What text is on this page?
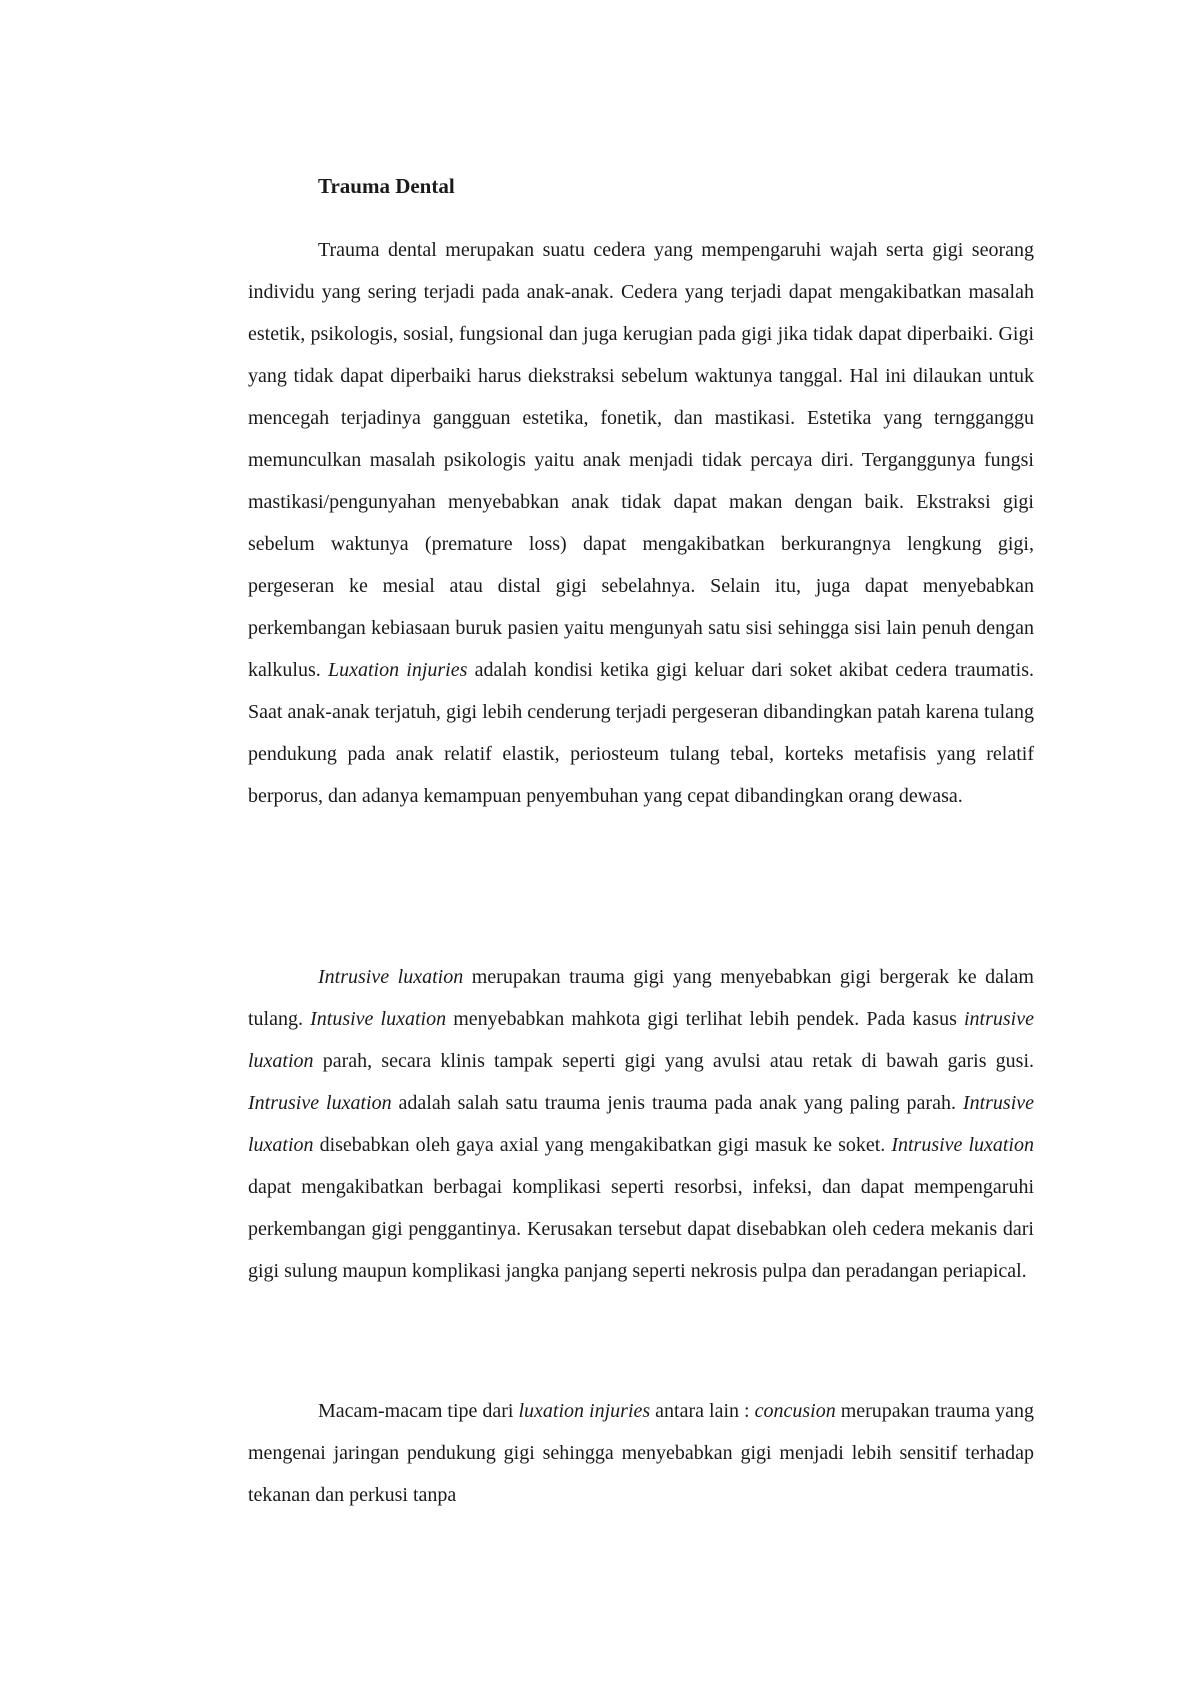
Trauma Dental

Trauma dental merupakan suatu cedera yang mempengaruhi wajah serta gigi seorang individu yang sering terjadi pada anak-anak. Cedera yang terjadi dapat mengakibatkan masalah estetik, psikologis, sosial, fungsional dan juga kerugian pada gigi jika tidak dapat diperbaiki. Gigi yang tidak dapat diperbaiki harus diekstraksi sebelum waktunya tanggal. Hal ini dilaukan untuk mencegah terjadinya gangguan estetika, fonetik, dan mastikasi. Estetika yang terngganggu memunculkan masalah psikologis yaitu anak menjadi tidak percaya diri. Terganggunya fungsi mastikasi/pengunyahan menyebabkan anak tidak dapat makan dengan baik. Ekstraksi gigi sebelum waktunya (premature loss) dapat mengakibatkan berkurangnya lengkung gigi, pergeseran ke mesial atau distal gigi sebelahnya. Selain itu, juga dapat menyebabkan perkembangan kebiasaan buruk pasien yaitu mengunyah satu sisi sehingga sisi lain penuh dengan kalkulus. Luxation injuries adalah kondisi ketika gigi keluar dari soket akibat cedera traumatis. Saat anak-anak terjatuh, gigi lebih cenderung terjadi pergeseran dibandingkan patah karena tulang pendukung pada anak relatif elastik, periosteum tulang tebal, korteks metafisis yang relatif berporus, dan adanya kemampuan penyembuhan yang cepat dibandingkan orang dewasa.

Intrusive luxation merupakan trauma gigi yang menyebabkan gigi bergerak ke dalam tulang. Intusive luxation menyebabkan mahkota gigi terlihat lebih pendek. Pada kasus intrusive luxation parah, secara klinis tampak seperti gigi yang avulsi atau retak di bawah garis gusi. Intrusive luxation adalah salah satu trauma jenis trauma pada anak yang paling parah. Intrusive luxation disebabkan oleh gaya axial yang mengakibatkan gigi masuk ke soket. Intrusive luxation dapat mengakibatkan berbagai komplikasi seperti resorbsi, infeksi, dan dapat mempengaruhi perkembangan gigi penggantinya. Kerusakan tersebut dapat disebabkan oleh cedera mekanis dari gigi sulung maupun komplikasi jangka panjang seperti nekrosis pulpa dan peradangan periapical.

Macam-macam tipe dari luxation injuries antara lain : concusion merupakan trauma yang mengenai jaringan pendukung gigi sehingga menyebabkan gigi menjadi lebih sensitif terhadap tekanan dan perkusi tanpa
